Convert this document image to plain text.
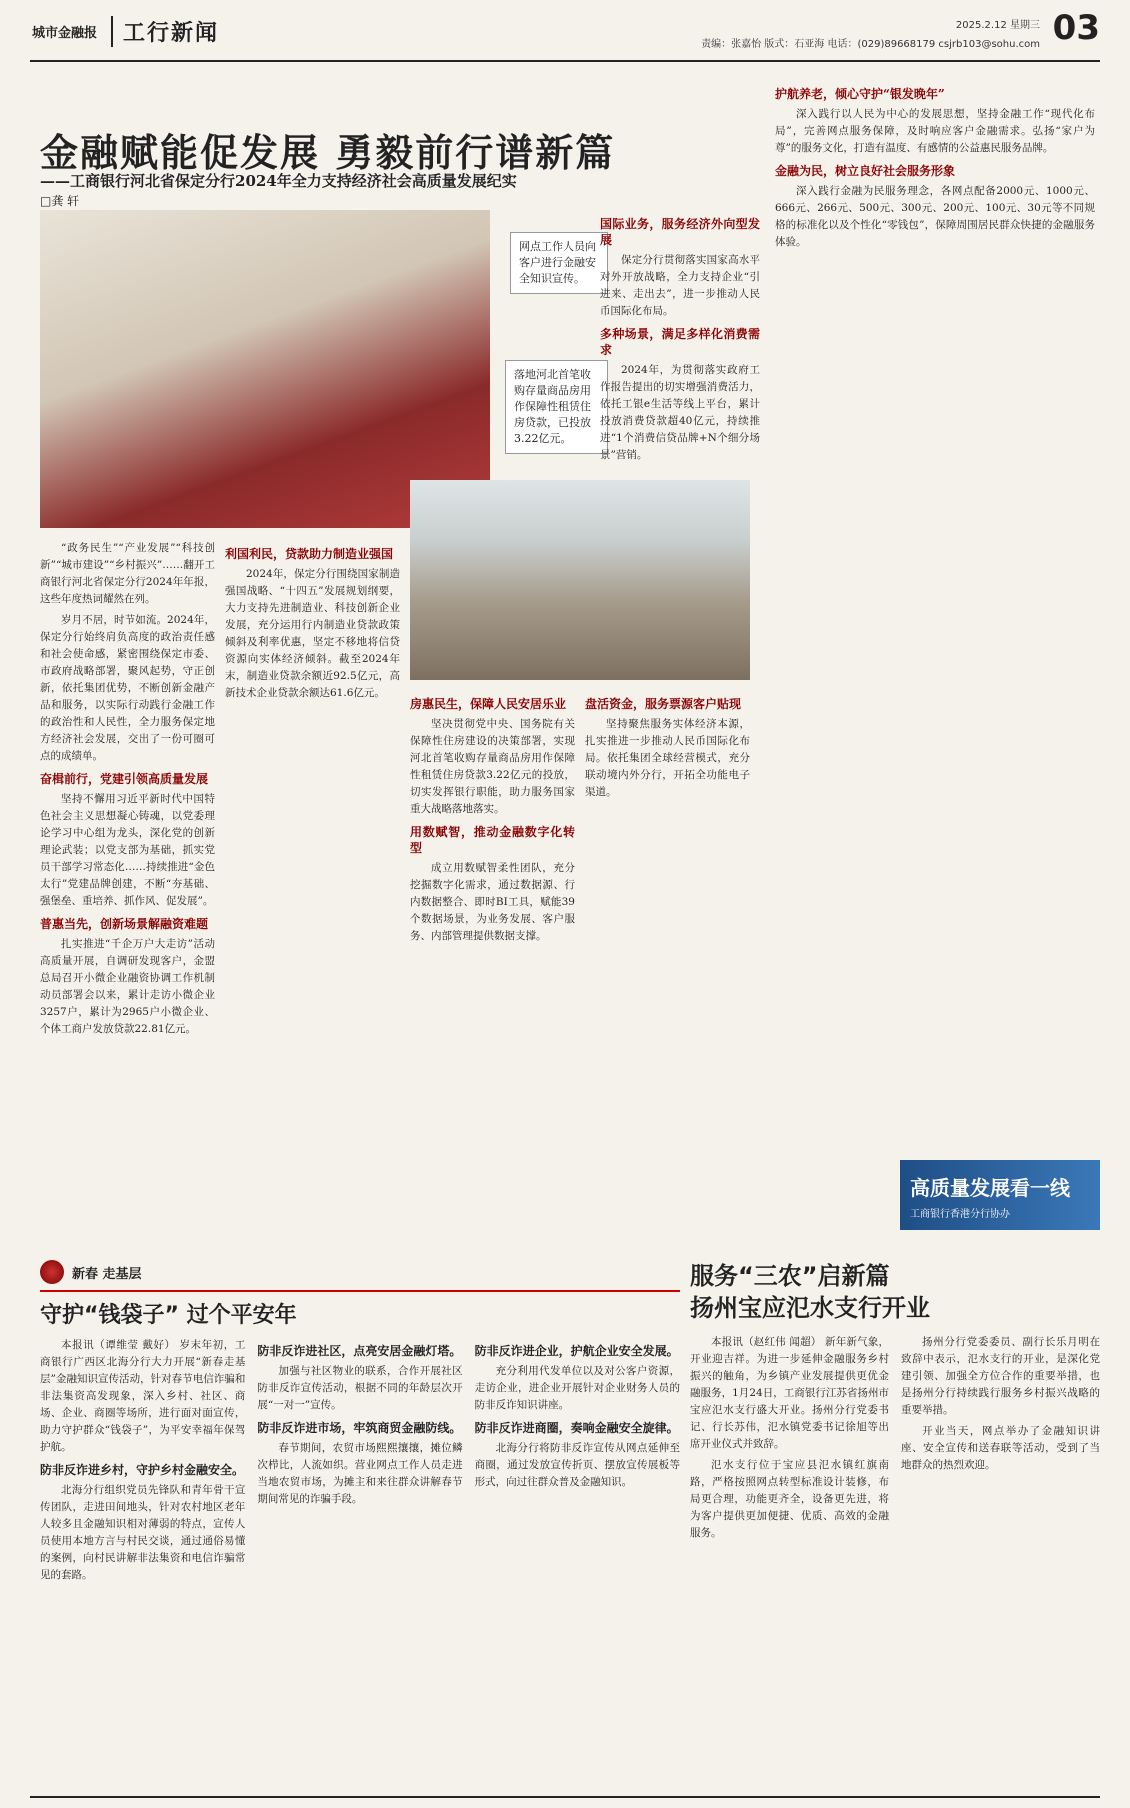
城市金融报	工行新闻	2025.2.12 星期三
责编：张嘉怡 版式：石亚海 电话：(029)89668179 csjrb103@sohu.com 03
金融赋能促发展 勇毅前行谱新篇
——工商银行河北省保定分行2024年全力支持经济社会高质量发展纪实
□龚 轩
网点工作人员向客户进行金融安全知识宣传。
落地河北首笔收购存量商品房用作保障性租赁住房贷款，已投放3.22亿元。
国际业务，服务经济外向型发展

保定分行贯彻落实国家高水平对外开放战略，全力支持企业“引进来、走出去”，进一步推动人民币国际化布局。

多种场景，满足多样化消费需求

2024年，为贯彻落实政府工作报告提出的切实增强消费活力，依托工银e生活等线上平台，累计投放消费贷款超40亿元，持续推进“1个消费信贷品牌+N个细分场景”营销。

护航养老，倾心守护“银发晚年”

深入践行以人民为中心的发展思想，坚持金融工作“现代化布局”，完善网点服务保障，及时响应客户金融需求。弘扬“家户为尊”的服务文化，打造有温度、有感情的公益惠民服务品牌。

金融为民，树立良好社会服务形象

深入践行金融为民服务理念，各网点配备2000元、1000元、666元、266元、500元、300元、200元、100元、30元等不同规格的标准化以及个性化“零钱包”，保障周围居民群众快捷的金融服务体验。

“政务民生”“产业发展”“科技创新”“城市建设”“乡村振兴”……翻开工商银行河北省保定分行2024年年报，这些年度热词耀然在列。

岁月不居，时节如流。2024年，保定分行始终肩负高度的政治责任感和社会使命感，紧密围绕保定市委、市政府战略部署，聚风起势，守正创新，依托集团优势，不断创新金融产品和服务，以实际行动践行金融工作的政治性和人民性，全力服务保定地方经济社会发展，交出了一份可圈可点的成绩单。

奋楫前行，党建引领高质量发展

坚持不懈用习近平新时代中国特色社会主义思想凝心铸魂，以党委理论学习中心组为龙头，深化党的创新理论武装；以党支部为基础，抓实党员干部学习常态化……持续推进“金色太行”党建品牌创建，不断“夯基础、强堡垒、重培养、抓作风、促发展”。

普惠当先，创新场景解融资难题

扎实推进“千企万户大走访”活动高质量开展，自调研发现客户，金盟总局召开小微企业融资协调工作机制动员部署会以来，累计走访小微企业3257户，累计为2965户小微企业、个体工商户发放贷款22.81亿元。

利国利民，贷款助力制造业强国

2024年，保定分行围绕国家制造强国战略、“十四五”发展规划纲要，大力支持先进制造业、科技创新企业发展，充分运用行内制造业贷款政策倾斜及利率优惠，坚定不移地将信贷资源向实体经济倾斜。截至2024年末，制造业贷款余额近92.5亿元，高新技术企业贷款余额达61.6亿元。

房惠民生，保障人民安居乐业

坚决贯彻党中央、国务院有关保障性住房建设的决策部署，实现河北首笔收购存量商品房用作保障性租赁住房贷款3.22亿元的投放，切实发挥银行职能，助力服务国家重大战略落地落实。

用数赋智，推动金融数字化转型

成立用数赋智柔性团队，充分挖掘数字化需求，通过数据源、行内数据整合、即时BI工具，赋能39个数据场景，为业务发展、客户服务、内部管理提供数据支撑。

盘活资金，服务票源客户贴现

坚持聚焦服务实体经济本源，扎实推进一步推动人民币国际化布局。依托集团全球经营模式，充分联动境内外分行，开拓全功能电子渠道。

高质量发展看一线
工商银行香港分行协办
新春 走基层
守护“钱袋子” 过个平安年

本报讯（谭维莹 戴好） 岁末年初，工商银行广西区北海分行大力开展“新春走基层”金融知识宣传活动，针对春节电信诈骗和非法集资高发现象，深入乡村、社区、商场、企业、商圈等场所，进行面对面宣传，助力守护群众“钱袋子”，为平安幸福年保驾护航。

防非反诈进乡村，守护乡村金融安全。

北海分行组织党员先锋队和青年骨干宣传团队，走进田间地头，针对农村地区老年人较多且金融知识相对薄弱的特点，宣传人员使用本地方言与村民交谈，通过通俗易懂的案例，向村民讲解非法集资和电信诈骗常见的套路。

防非反诈进社区，点亮安居金融灯塔。

加强与社区物业的联系，合作开展社区防非反诈宣传活动，根据不同的年龄层次开展“一对一”宣传。

防非反诈进市场，牢筑商贸金融防线。

春节期间，农贸市场熙熙攘攘，摊位鳞次栉比，人流如织。营业网点工作人员走进当地农贸市场，为摊主和来往群众讲解春节期间常见的诈骗手段。

防非反诈进企业，护航企业安全发展。

充分利用代发单位以及对公客户资源，走访企业，进企业开展针对企业财务人员的防非反诈知识讲座。

防非反诈进商圈，奏响金融安全旋律。

北海分行将防非反诈宣传从网点延伸至商圈，通过发放宣传折页、摆放宣传展板等形式，向过往群众普及金融知识。

服务“三农”启新篇
扬州宝应氾水支行开业

本报讯（赵红伟 闻超） 新年新气象，开业迎吉祥。为进一步延伸金融服务乡村振兴的触角，为乡镇产业发展提供更优金融服务，1月24日，工商银行江苏省扬州市宝应氾水支行盛大开业。扬州分行党委书记、行长苏伟，氾水镇党委书记徐旭等出席开业仪式并致辞。

氾水支行位于宝应县氾水镇红旗南路，严格按照网点转型标准设计装修，布局更合理，功能更齐全，设备更先进，将为客户提供更加便捷、优质、高效的金融服务。

扬州分行党委委员、副行长乐月明在致辞中表示，氾水支行的开业，是深化党建引领、加强全方位合作的重要举措，也是扬州分行持续践行服务乡村振兴战略的重要举措。

开业当天，网点举办了金融知识讲座、安全宣传和送春联等活动，受到了当地群众的热烈欢迎。
